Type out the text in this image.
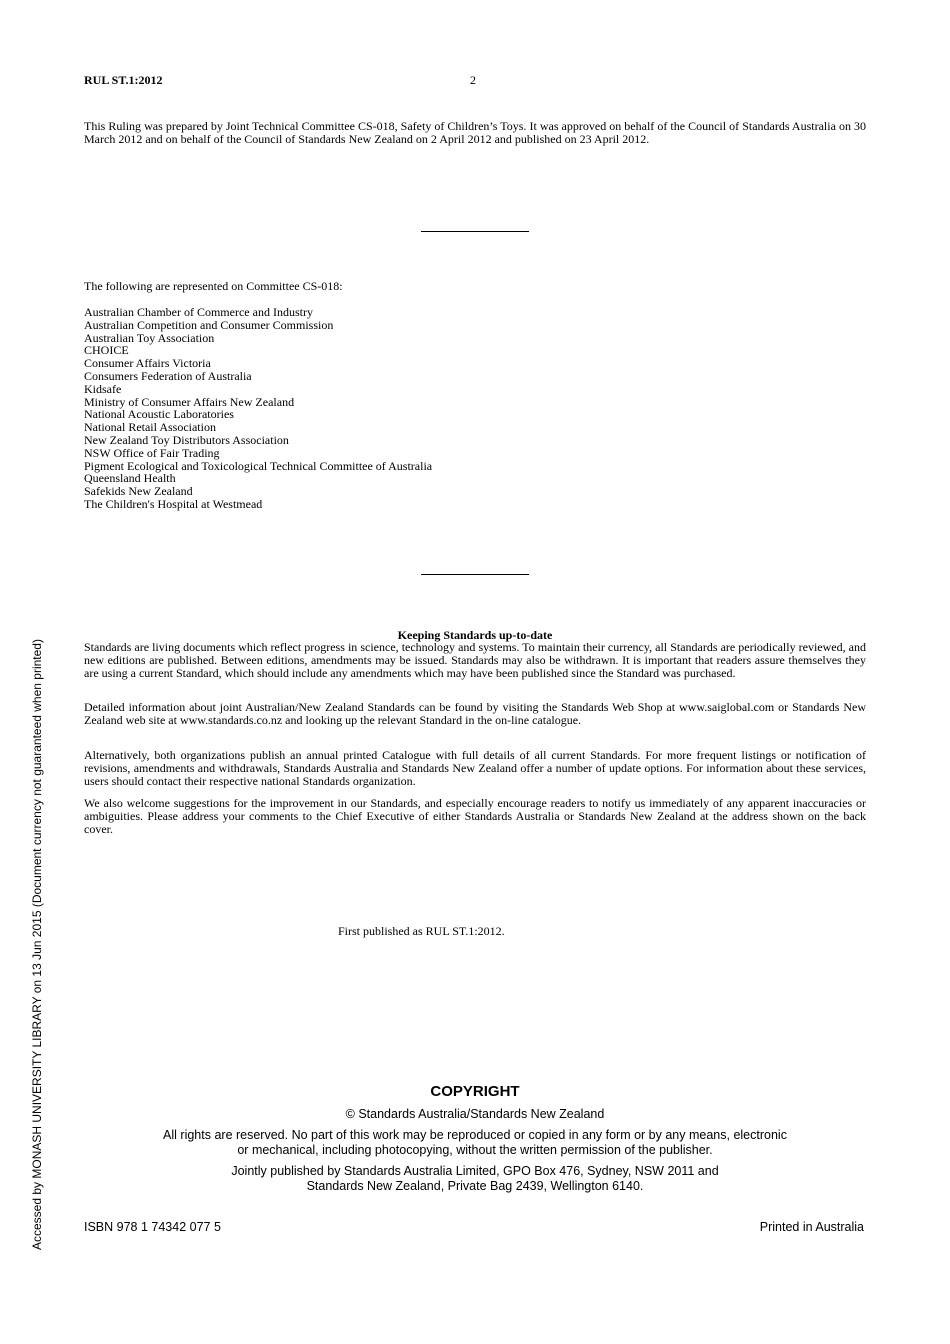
RUL ST.1:2012	2
This Ruling was prepared by Joint Technical Committee CS-018, Safety of Children’s Toys. It was approved on behalf of the Council of Standards Australia on 30 March 2012 and on behalf of the Council of Standards New Zealand on 2 April 2012 and published on 23 April 2012.
The following are represented on Committee CS-018:
Australian Chamber of Commerce and Industry
Australian Competition and Consumer Commission
Australian Toy Association
CHOICE
Consumer Affairs Victoria
Consumers Federation of Australia
Kidsafe
Ministry of Consumer Affairs New Zealand
National Acoustic Laboratories
National Retail Association
New Zealand Toy Distributors Association
NSW Office of Fair Trading
Pigment Ecological and Toxicological Technical Committee of Australia
Queensland Health
Safekids New Zealand
The Children's Hospital at Westmead
Keeping Standards up-to-date
Standards are living documents which reflect progress in science, technology and systems. To maintain their currency, all Standards are periodically reviewed, and new editions are published. Between editions, amendments may be issued. Standards may also be withdrawn. It is important that readers assure themselves they are using a current Standard, which should include any amendments which may have been published since the Standard was purchased.
Detailed information about joint Australian/New Zealand Standards can be found by visiting the Standards Web Shop at www.saiglobal.com or Standards New Zealand web site at www.standards.co.nz and looking up the relevant Standard in the on-line catalogue.
Alternatively, both organizations publish an annual printed Catalogue with full details of all current Standards. For more frequent listings or notification of revisions, amendments and withdrawals, Standards Australia and Standards New Zealand offer a number of update options. For information about these services, users should contact their respective national Standards organization.
We also welcome suggestions for the improvement in our Standards, and especially encourage readers to notify us immediately of any apparent inaccuracies or ambiguities. Please address your comments to the Chief Executive of either Standards Australia or Standards New Zealand at the address shown on the back cover.
First published as RUL ST.1:2012.
COPYRIGHT
© Standards Australia/Standards New Zealand
All rights are reserved. No part of this work may be reproduced or copied in any form or by any means, electronic
or mechanical, including photocopying, without the written permission of the publisher.
Jointly published by Standards Australia Limited, GPO Box 476, Sydney, NSW 2011 and
Standards New Zealand, Private Bag 2439, Wellington 6140.
ISBN 978 1 74342 077 5	Printed in Australia
Accessed by MONASH UNIVERSITY LIBRARY on 13 Jun 2015 (Document currency not guaranteed when printed)
